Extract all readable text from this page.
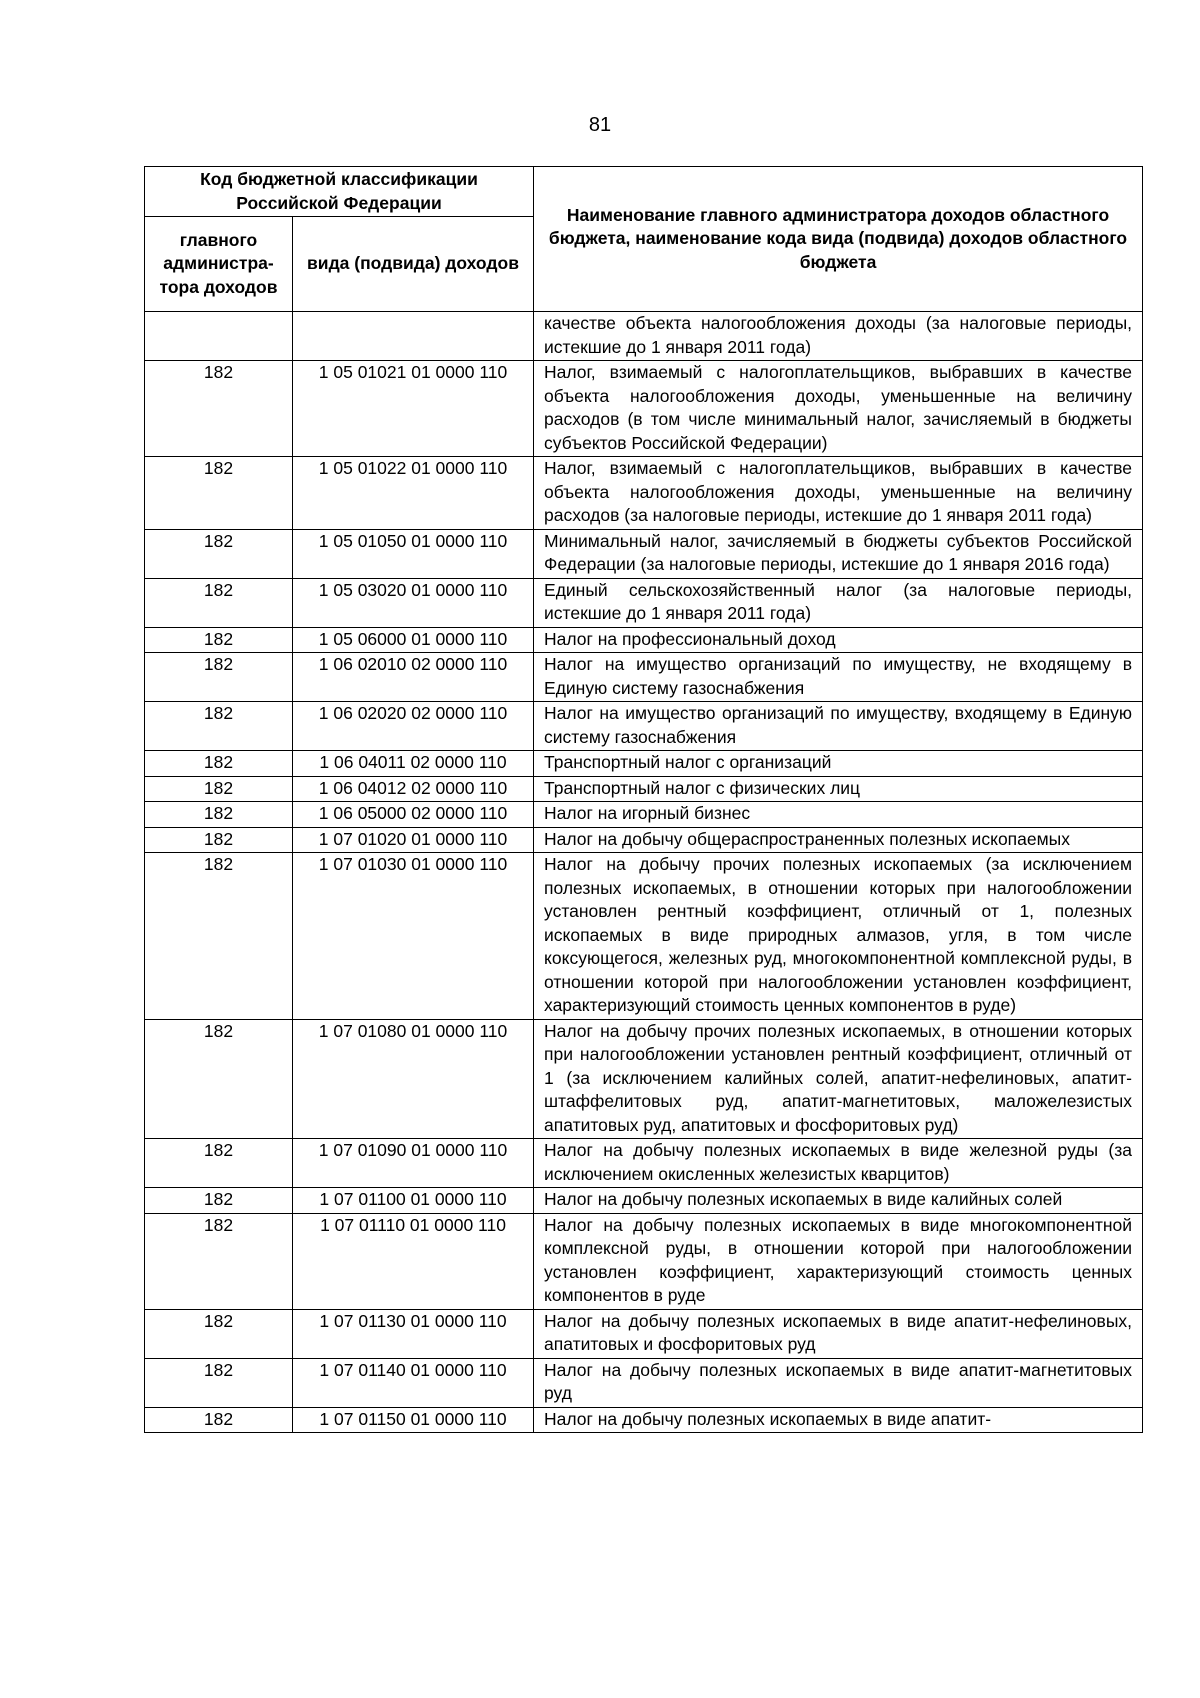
81
Код бюджетной классификации Российской Федерации		Наименование главного администратора доходов областного бюджета, наименование кода вида (подвида) доходов областного бюджета
главного администра-тора доходов	вида (подвида) доходов	
		качестве объекта налогообложения доходы (за налоговые периоды, истекшие до 1 января 2011 года)
182	1 05 01021 01 0000 110	Налог, взимаемый с налогоплательщиков, выбравших в качестве объекта налогообложения доходы, уменьшенные на величину расходов (в том числе минимальный налог, зачисляемый в бюджеты субъектов Российской Федерации)
182	1 05 01022 01 0000 110	Налог, взимаемый с налогоплательщиков, выбравших в качестве объекта налогообложения доходы, уменьшенные на величину расходов (за налоговые периоды, истекшие до 1 января 2011 года)
182	1 05 01050 01 0000 110	Минимальный налог, зачисляемый в бюджеты субъектов Российской Федерации (за налоговые периоды, истекшие до 1 января 2016 года)
182	1 05 03020 01 0000 110	Единый сельскохозяйственный налог (за налоговые периоды, истекшие до 1 января 2011 года)
182	1 05 06000 01 0000 110	Налог на профессиональный доход
182	1 06 02010 02 0000 110	Налог на имущество организаций по имуществу, не входящему в Единую систему газоснабжения
182	1 06 02020 02 0000 110	Налог на имущество организаций по имуществу, входящему в Единую систему газоснабжения
182	1 06 04011 02 0000 110	Транспортный налог с организаций
182	1 06 04012 02 0000 110	Транспортный налог с физических лиц
182	1 06 05000 02 0000 110	Налог на игорный бизнес
182	1 07 01020 01 0000 110	Налог на добычу общераспространенных полезных ископаемых
182	1 07 01030 01 0000 110	Налог на добычу прочих полезных ископаемых (за исключением полезных ископаемых, в отношении которых при налогообложении установлен рентный коэффициент, отличный от 1, полезных ископаемых в виде природных алмазов, угля, в том числе коксующегося, железных руд, многокомпонентной комплексной руды, в отношении которой при налогообложении установлен коэффициент, характеризующий стоимость ценных компонентов в руде)
182	1 07 01080 01 0000 110	Налог на добычу прочих полезных ископаемых, в отношении которых при налогообложении установлен рентный коэффициент, отличный от 1 (за исключением калийных солей, апатит-нефелиновых, апатит-штаффелитовых руд, апатит-магнетитовых, маложелезистых апатитовых руд, апатитовых и фосфоритовых руд)
182	1 07 01090 01 0000 110	Налог на добычу полезных ископаемых в виде железной руды (за исключением окисленных железистых кварцитов)
182	1 07 01100 01 0000 110	Налог на добычу полезных ископаемых в виде калийных солей
182	1 07 01110 01 0000 110	Налог на добычу полезных ископаемых в виде многокомпонентной комплексной руды, в отношении которой при налогообложении установлен коэффициент, характеризующий стоимость ценных компонентов в руде
182	1 07 01130 01 0000 110	Налог на добычу полезных ископаемых в виде апатит-нефелиновых, апатитовых и фосфоритовых руд
182	1 07 01140 01 0000 110	Налог на добычу полезных ископаемых в виде апатит-магнетитовых руд
182	1 07 01150 01 0000 110	Налог на добычу полезных ископаемых в виде апатит-
